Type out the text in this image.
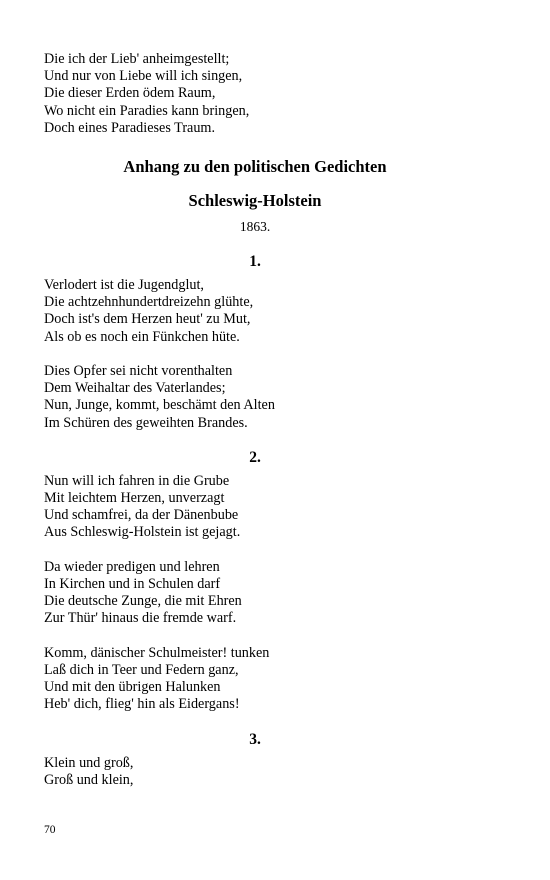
Die ich der Lieb' anheimgestellt;
Und nur von Liebe will ich singen,
Die dieser Erden ödem Raum,
Wo nicht ein Paradies kann bringen,
Doch eines Paradieses Traum.
Anhang zu den politischen Gedichten
Schleswig-Holstein
1863.
1.
Verlodert ist die Jugendglut,
Die achtzehnhundertdreizehn glühte,
Doch ist's dem Herzen heut' zu Mut,
Als ob es noch ein Fünkchen hüte.
Dies Opfer sei nicht vorenthalten
Dem Weihaltar des Vaterlandes;
Nun, Junge, kommt, beschämt den Alten
Im Schüren des geweihten Brandes.
2.
Nun will ich fahren in die Grube
Mit leichtem Herzen, unverzagt
Und schamfrei, da der Dänenbube
Aus Schleswig-Holstein ist gejagt.
Da wieder predigen und lehren
In Kirchen und in Schulen darf
Die deutsche Zunge, die mit Ehren
Zur Thür' hinaus die fremde warf.
Komm, dänischer Schulmeister! tunken
Laß dich in Teer und Federn ganz,
Und mit den übrigen Halunken
Heb' dich, flieg' hin als Eidergans!
3.
Klein und groß,
Groß und klein,
70
